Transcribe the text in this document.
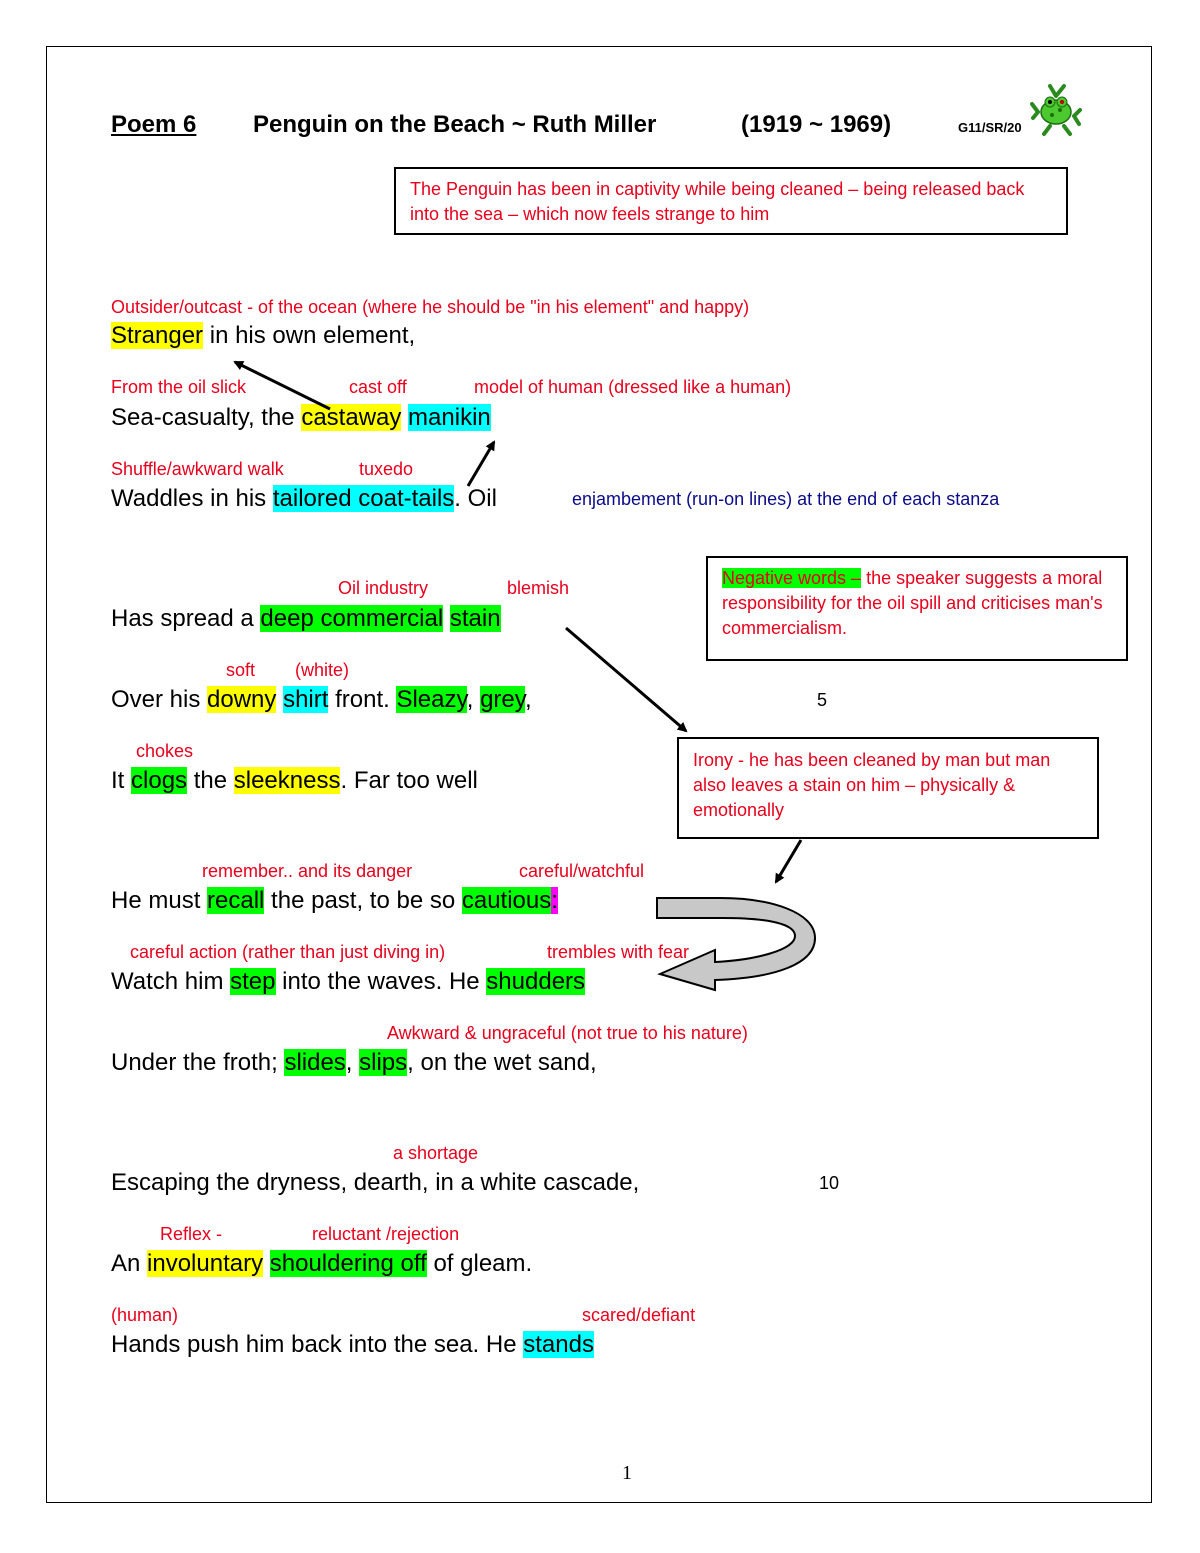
Poem 6 Penguin on the Beach ~ Ruth Miller	(1919 ~ 1969)	G11/SR/20
The Penguin has been in captivity while being cleaned – being released back into the sea – which now feels strange to him
Outsider/outcast - of the ocean (where he should be "in his element" and happy)
Stranger in his own element,
From the oil slick	cast off	model of human (dressed like a human)
Sea-casualty, the castaway manikin
Shuffle/awkward walk	tuxedo
Waddles in his tailored coat-tails. Oil	enjambement (run-on lines) at the end of each stanza
Oil industry	blemish
Has spread a deep commercial stain
Negative words – the speaker suggests a moral responsibility for the oil spill and criticises man's commercialism.
soft (white)
Over his downy shirt front. Sleazy, grey,	5
chokes
It clogs the sleekness. Far too well
Irony - he has been cleaned by man but man also leaves a stain on him – physically & emotionally
remember.. and its danger	careful/watchful
He must recall the past, to be so cautious:
careful action (rather than just diving in)	trembles with fear
Watch him step into the waves. He shudders
Awkward & ungraceful (not true to his nature)
Under the froth; slides, slips, on the wet sand,
a shortage
Escaping the dryness, dearth, in a white cascade,	10
Reflex -	reluctant /rejection
An involuntary shouldering off of gleam.
(human)	scared/defiant
Hands push him back into the sea. He stands
1
